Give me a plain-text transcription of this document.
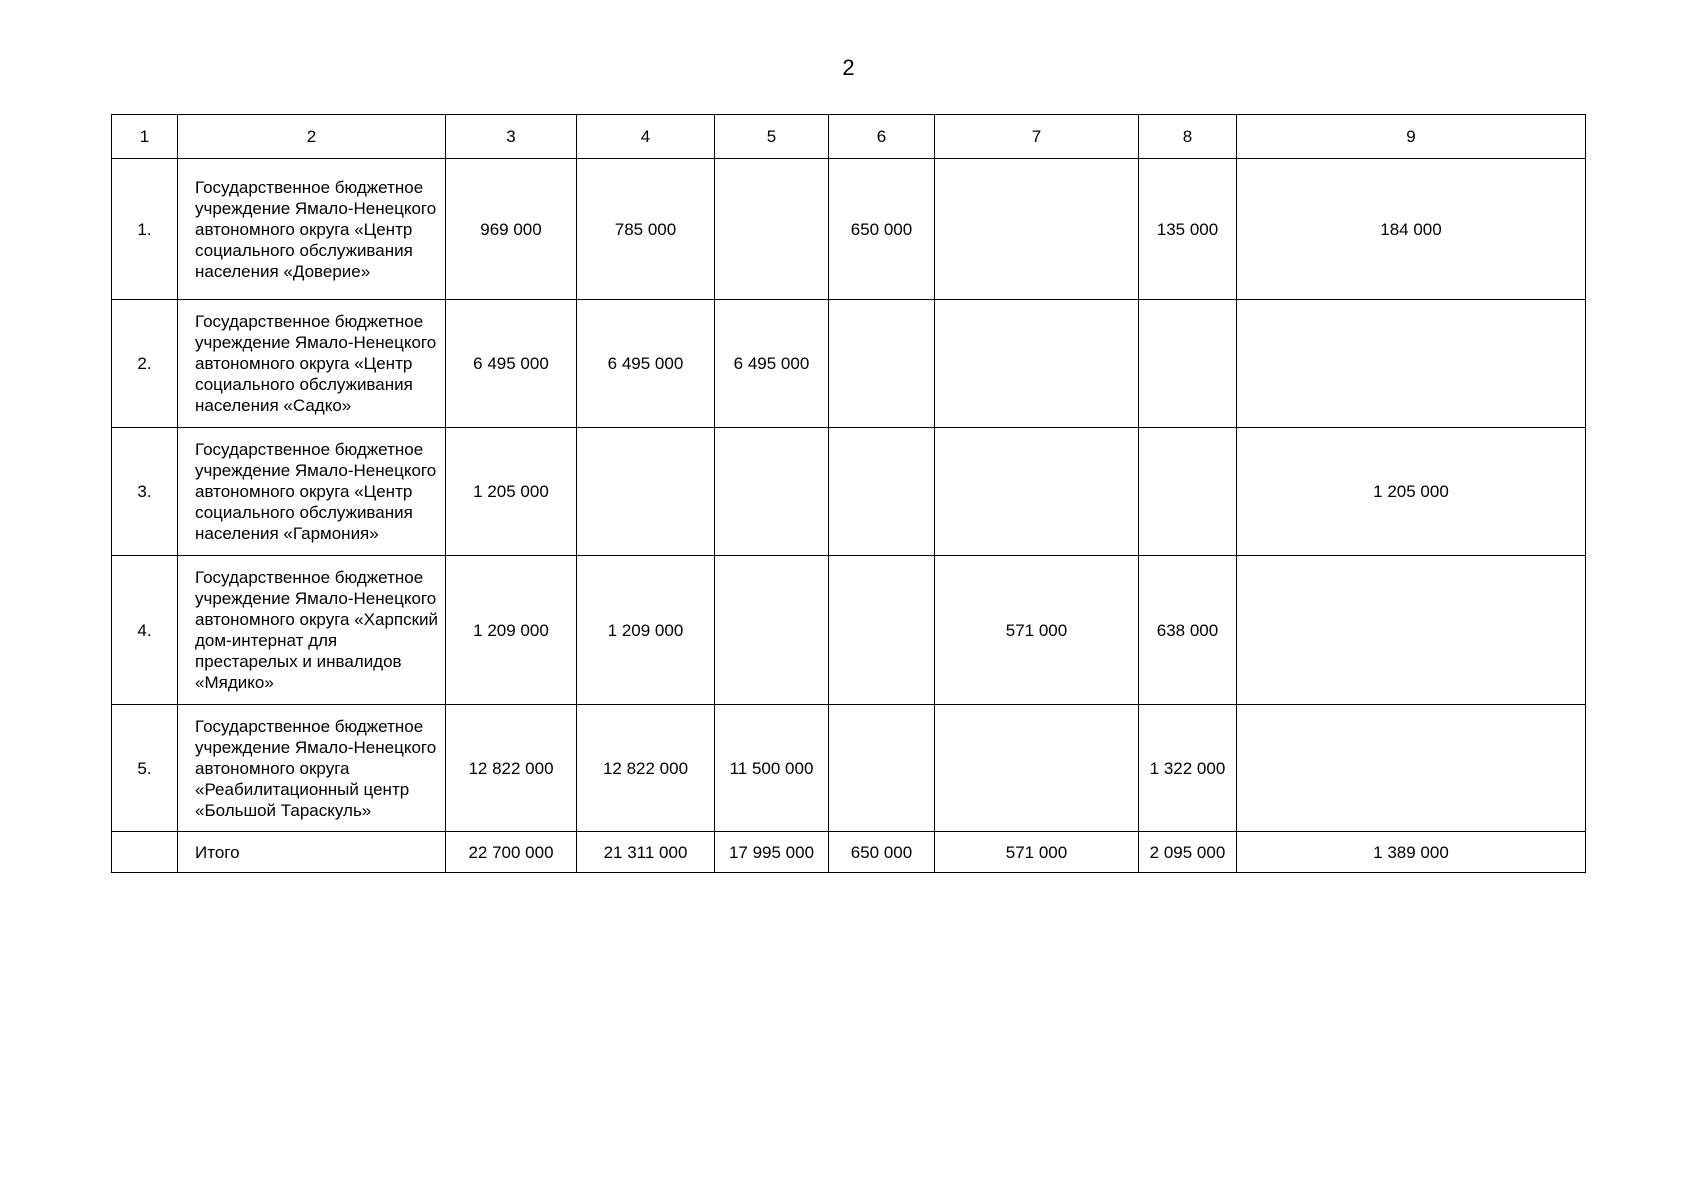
2
1	2	3	4	5	6	7	8	9
1.	Государственное бюджетное учреждение Ямало-Ненецкого автономного округа «Центр социального обслуживания населения «Доверие»	969 000	785 000		650 000		135 000	184 000
2.	Государственное бюджетное учреждение Ямало-Ненецкого автономного округа «Центр социального обслуживания населения «Садко»	6 495 000	6 495 000	6 495 000				
3.	Государственное бюджетное учреждение Ямало-Ненецкого автономного округа «Центр социального обслуживания населения «Гармония»	1 205 000						1 205 000
4.	Государственное бюджетное учреждение Ямало-Ненецкого автономного округа «Харпский дом-интернат для престарелых и инвалидов «Мядико»	1 209 000	1 209 000			571 000	638 000	
5.	Государственное бюджетное учреждение Ямало-Ненецкого автономного округа «Реабилитационный центр «Большой Тараскуль»	12 822 000	12 822 000	11 500 000			1 322 000	
	Итого	22 700 000	21 311 000	17 995 000	650 000	571 000	2 095 000	1 389 000
